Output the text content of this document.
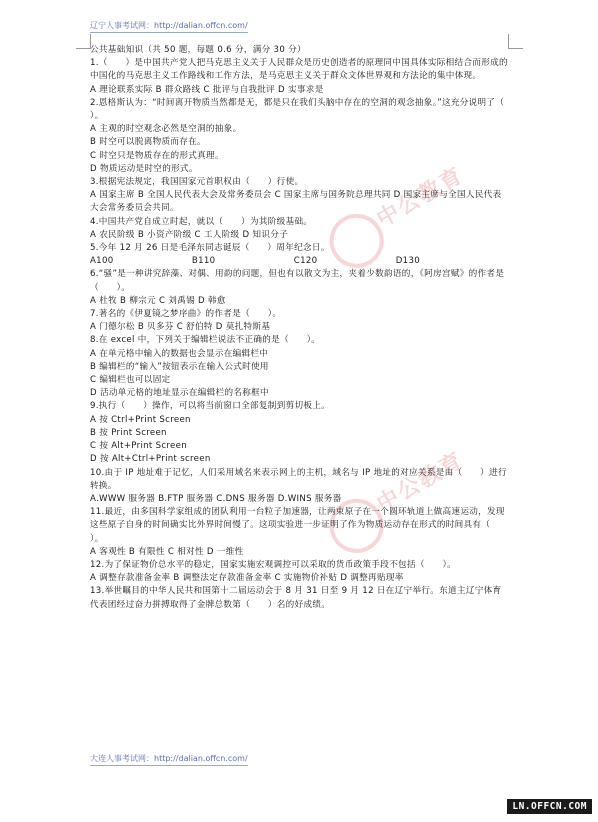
辽宁人事考试网：http://dalian.offcn.com/
中公教育
中公教育

公共基础知识（共 50 题，每题 0.6 分，满分 30 分）

1.（　　）是中国共产党人把马克思主义关于人民群众是历史创造者的原理同中国具体实际相结合而形成的中国化的马克思主义工作路线和工作方法，是马克思主义关于群众文体世界观和方法论的集中体现。

A 理论联系实际 B 群众路线 C 批评与自我批评 D 实事求是

2.恩格斯认为：“时间离开物质当然都是无，都是只在我们头脑中存在的空洞的观念抽象。”这充分说明了（　　）。

A 主观的时空观念必然是空洞的抽象。

B 时空可以脱离物质而存在。

C 时空只是物质存在的形式真理。

D 物质运动是时空的形式。

3.根据宪法规定，我国国家元首职权由（　　）行使。

A 国家主席 B 全国人民代表大会及常务委员会 C 国家主席与国务院总理共同 D 国家主席与全国人民代表大会常务委员会共同。

4.中国共产党自成立时起，就以（　　）为其阶级基础。

A 农民阶级 B 小资产阶级 C 工人阶级 D 知识分子

5.今年 12 月 26 日是毛泽东同志诞辰（　　）周年纪念日。

A100	B110	C120	D130

6.“骚”是一种讲究辞藻、对偶、用韵的问题，但也有以散文为主，夹着少数韵语的，《阿房宫赋》的作者是（　　）。

A 杜牧 B 柳宗元 C 刘禹锡 D 韩愈

7.著名的《伊夏镜之梦序曲》的作者是（　　）。

A 门德尔松 B 贝多芬 C 舒伯特 D 莫扎特斯基

8.在 excel 中，下列关于编辑栏说法不正确的是（　　）。

A 在单元格中输入的数据也会显示在编辑栏中

B 编辑栏的“输入”按钮表示在输入公式时使用

C 编辑栏也可以固定

D 活动单元格的地址显示在编辑栏的名称框中

9.执行（　　）操作，可以将当前窗口全部复制到剪切板上。

A 按 Ctrl+Print Screen

B 按 Print Screen

C 按 Alt+Print Screen

D 按 Alt+Ctrl+Print screen

10.由于 IP 地址难于记忆，人们采用域名来表示网上的主机，域名与 IP 地址的对应关系是由（　　）进行转换。

A.WWW 服务器 B.FTP 服务器 C.DNS 服务器 D.WINS 服务器

11.最近，由多国科学家组成的团队利用一台粒子加速器，让两束原子在一个圆环轨道上做高速运动，发现这些原子自身的时间确实比外界时间慢了。这项实验进一步证明了作为物质运动存在形式的时间具有（　　）。

A 客观性 B 有限性 C 相对性 D 一维性

12.为了保证物价总水平的稳定，国家实施宏观调控可以采取的货币政策手段不包括（　　）。

A 调整存款准备金率 B 调整法定存款准备金率 C 实施物价补贴 D 调整再贴现率

13.举世瞩目的中华人民共和国第十二届运动会于 8 月 31 日至 9 月 12 日在辽宁举行。东道主辽宁体育代表团经过奋力拼搏取得了金牌总数第（　　）名的好成绩。

大连人事考试网：http://dalian.offcn.com/
LN.OFFCN.COM
